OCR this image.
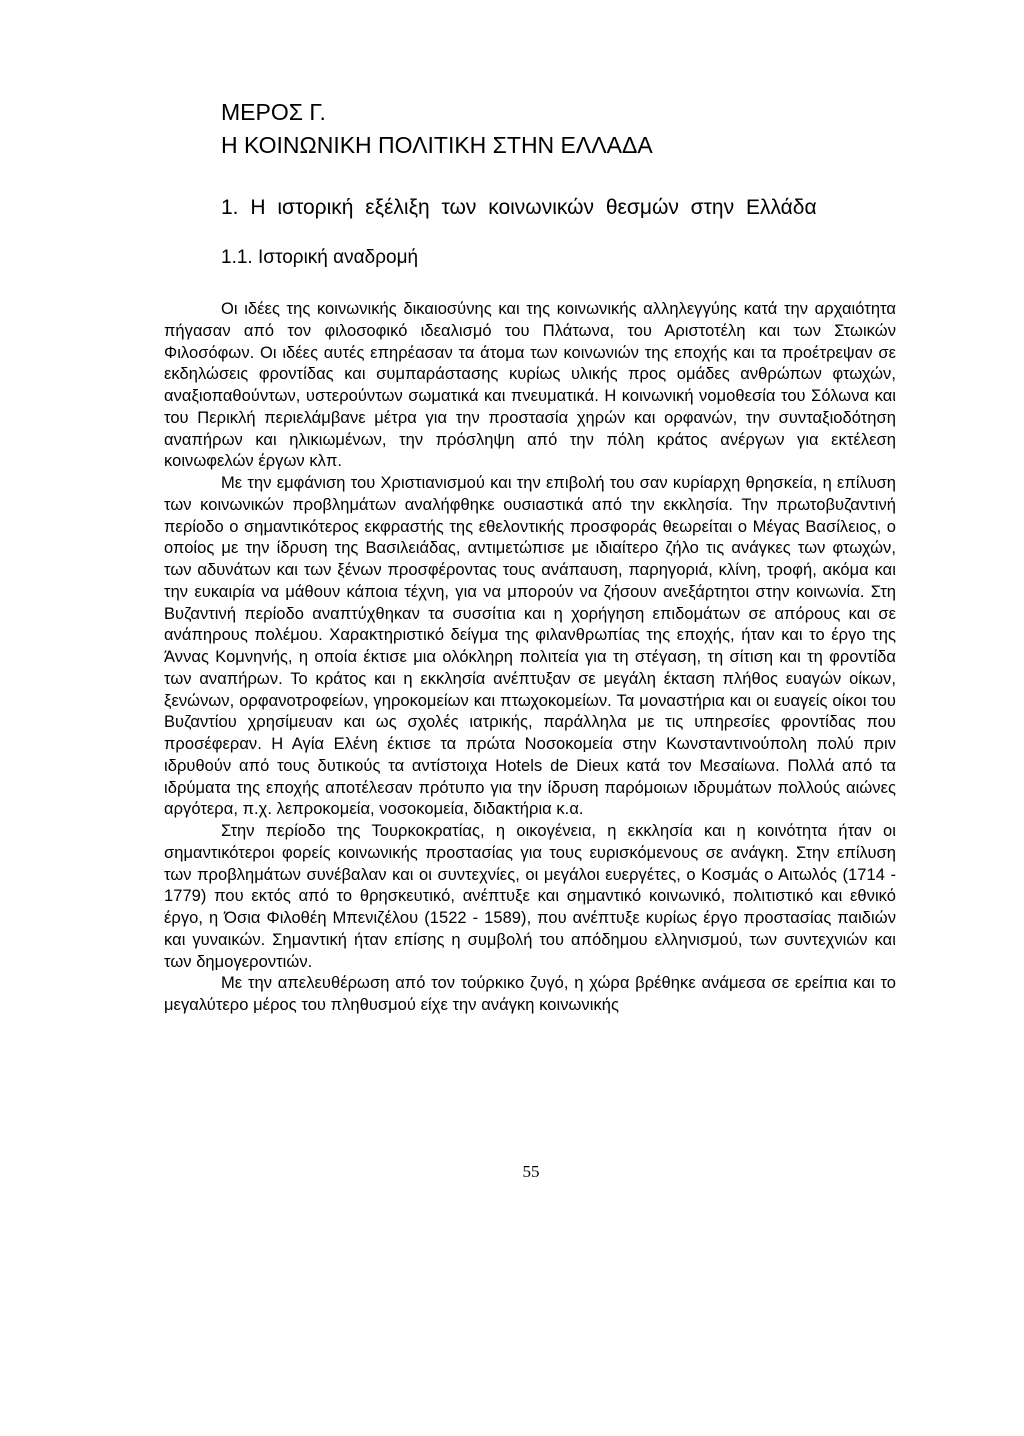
ΜΕΡΟΣ Γ.
Η ΚΟΙΝΩΝΙΚΗ ΠΟΛΙΤΙΚΗ ΣΤΗΝ ΕΛΛΑΔΑ

1. Η ιστορική εξέλιξη των κοινωνικών θεσμών στην Ελλάδα

1.1. Ιστορική αναδρομή

Οι ιδέες της κοινωνικής δικαιοσύνης και της κοινωνικής αλληλεγγύης κατά την αρχαιότητα πήγασαν από τον φιλοσοφικό ιδεαλισμό του Πλάτωνα, του Αριστοτέλη και των Στωικών Φιλοσόφων. Οι ιδέες αυτές επηρέασαν τα άτομα των κοινωνιών της εποχής και τα προέτρεψαν σε εκδηλώσεις φροντίδας και συμπαράστασης κυρίως υλικής προς ομάδες ανθρώπων φτωχών, αναξιοπαθούντων, υστερούντων σωματικά και πνευματικά. Η κοινωνική νομοθεσία του Σόλωνα και του Περικλή περιελάμβανε μέτρα για την προστασία χηρών και ορφανών, την συνταξιοδότηση αναπήρων και ηλικιωμένων, την πρόσληψη από την πόλη κράτος ανέργων για εκτέλεση κοινωφελών έργων κλπ.

Με την εμφάνιση του Χριστιανισμού και την επιβολή του σαν κυρίαρχη θρησκεία, η επίλυση των κοινωνικών προβλημάτων αναλήφθηκε ουσιαστικά από την εκκλησία. Την πρωτοβυζαντινή περίοδο ο σημαντικότερος εκφραστής της εθελοντικής προσφοράς θεωρείται ο Μέγας Βασίλειος, ο οποίος με την ίδρυση της Βασιλειάδας, αντιμετώπισε με ιδιαίτερο ζήλο τις ανάγκες των φτωχών, των αδυνάτων και των ξένων προσφέροντας τους ανάπαυση, παρηγοριά, κλίνη, τροφή, ακόμα και την ευκαιρία να μάθουν κάποια τέχνη, για να μπορούν να ζήσουν ανεξάρτητοι στην κοινωνία. Στη Βυζαντινή περίοδο αναπτύχθηκαν τα συσσίτια και η χορήγηση επιδομάτων σε απόρους και σε ανάπηρους πολέμου. Χαρακτηριστικό δείγμα της φιλανθρωπίας της εποχής, ήταν και το έργο της Άννας Κομνηνής, η οποία έκτισε μια ολόκληρη πολιτεία για τη στέγαση, τη σίτιση και τη φροντίδα των αναπήρων. Το κράτος και η εκκλησία ανέπτυξαν σε μεγάλη έκταση πλήθος ευαγών οίκων, ξενώνων, ορφανοτροφείων, γηροκομείων και πτωχοκομείων. Τα μοναστήρια και οι ευαγείς οίκοι του Βυζαντίου χρησίμευαν και ως σχολές ιατρικής, παράλληλα με τις υπηρεσίες φροντίδας που προσέφεραν. Η Αγία Ελένη έκτισε τα πρώτα Νοσοκομεία στην Κωνσταντινούπολη πολύ πριν ιδρυθούν από τους δυτικούς τα αντίστοιχα Hotels de Dieux κατά τον Μεσαίωνα. Πολλά από τα ιδρύματα της εποχής αποτέλεσαν πρότυπο για την ίδρυση παρόμοιων ιδρυμάτων πολλούς αιώνες αργότερα, π.χ. λεπροκομεία, νοσοκομεία, διδακτήρια κ.α.

Στην περίοδο της Τουρκοκρατίας, η οικογένεια, η εκκλησία και η κοινότητα ήταν οι σημαντικότεροι φορείς κοινωνικής προστασίας για τους ευρισκόμενους σε ανάγκη. Στην επίλυση των προβλημάτων συνέβαλαν και οι συντεχνίες, οι μεγάλοι ευεργέτες, ο Κοσμάς ο Αιτωλός (1714 - 1779) που εκτός από το θρησκευτικό, ανέπτυξε και σημαντικό κοινωνικό, πολιτιστικό και εθνικό έργο, η Όσια Φιλοθέη Μπενιζέλου (1522 - 1589), που ανέπτυξε κυρίως έργο προστασίας παιδιών και γυναικών. Σημαντική ήταν επίσης η συμβολή του απόδημου ελληνισμού, των συντεχνιών και των δημογεροντιών.

Με την απελευθέρωση από τον τούρκικο ζυγό, η χώρα βρέθηκε ανάμεσα σε ερείπια και το μεγαλύτερο μέρος του πληθυσμού είχε την ανάγκη κοινωνικής

55
